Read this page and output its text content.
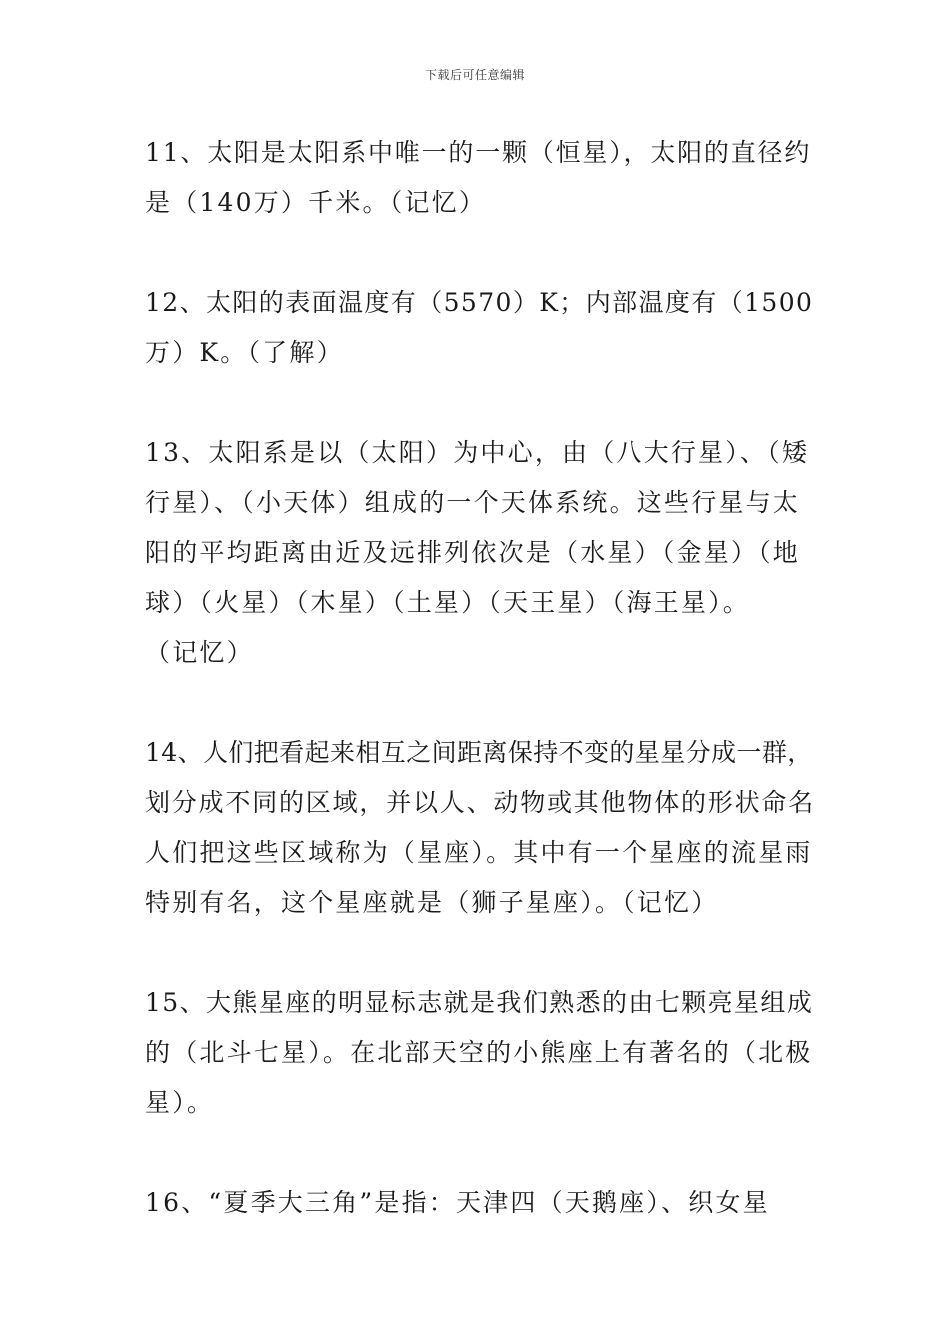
下载后可任意编辑

11、太阳是太阳系中唯一的一颗（恒星），太阳的直径约
是（140万）千米。（记忆）

12、太阳的表面温度有（5570）K；内部温度有（1500
万）K。（了解）

13、太阳系是以（太阳）为中心，由（八大行星）、（矮
行星）、（小天体）组成的一个天体系统。这些行星与太
阳的平均距离由近及远排列依次是（水星）（金星）（地
球）（火星）（木星）（土星）（天王星）（海王星）。
（记忆）

14、人们把看起来相互之间距离保持不变的星星分成一群，
划分成不同的区域，并以人、动物或其他物体的形状命名
人们把这些区域称为（星座）。其中有一个星座的流星雨
特别有名，这个星座就是（狮子星座）。（记忆）

15、大熊星座的明显标志就是我们熟悉的由七颗亮星组成
的（北斗七星）。在北部天空的小熊座上有著名的（北极
星）。

16、“夏季大三角”是指：天津四（天鹅座）、织女星
